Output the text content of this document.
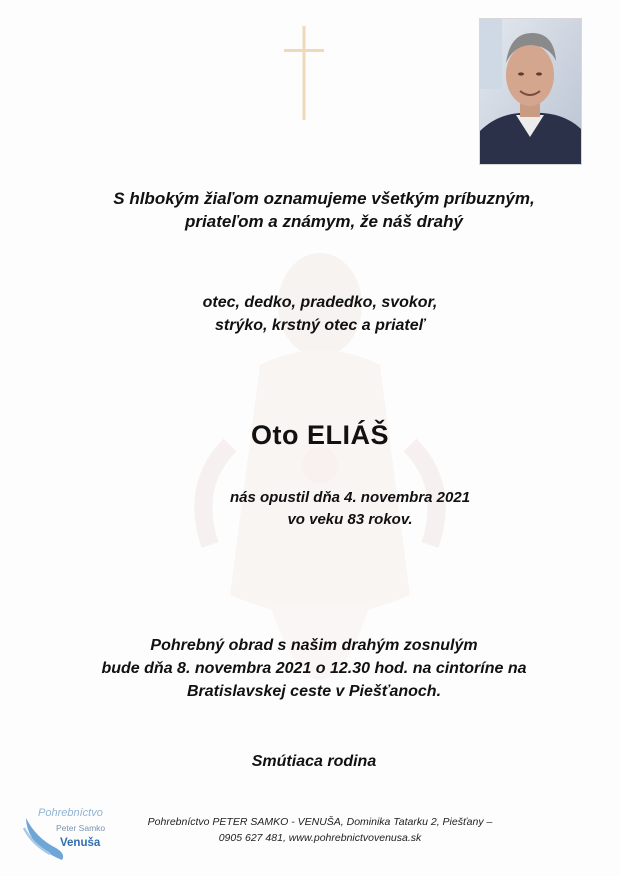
S hlbokým žiaľom oznamujeme všetkým príbuzným,
priateľom a známym, že náš drahý
otec, dedko, pradedko, svokor,
strýko, krstný otec a priateľ
Oto ELIÁŠ
nás opustil dňa 4. novembra 2021
vo veku 83 rokov.
Pohrebný obrad s našim drahým zosnulým
bude dňa 8. novembra 2021 o 12.30 hod. na cintoríne na
Bratislavskej ceste v Piešťanoch.
Smútiaca rodina
Pohrebníctvo
Peter Samko
Venuša
Pohrebníctvo PETER SAMKO - VENUŠA, Dominika Tatarku 2, Piešťany –
0905 627 481, www.pohrebnictvovenusa.sk
